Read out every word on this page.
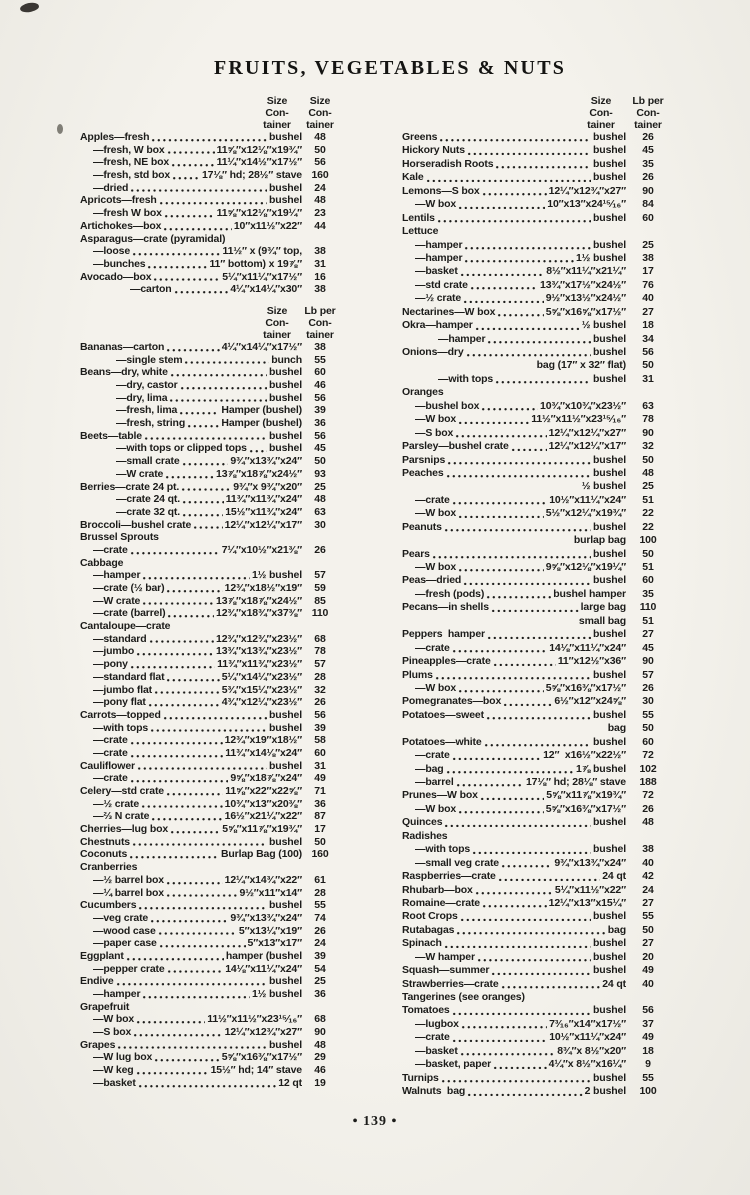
FRUITS, VEGETABLES & NUTS
Size
Con-
tainer
Size
Con-
tainer
Apples—fresh	bushel	48
—fresh, W box	11⅝″x12⅛″x19¾″	50
—fresh, NE box	11¼″x14½″x17½″	56
—fresh, std box	17⅛″ hd; 28½″ stave 160
—dried	bushel	24
Apricots—fresh	bushel	48
—fresh W box	11⅝″x12⅛″x19¼″	23
Artichokes—box	10″x11½″x22″	44
Asparagus—crate (pyramidal)
—loose	11½″ x (9¾″ top,	38
—bunches	11″ bottom) x 19⅞″	31
Avocado—box	5¼″x11¼″x17½″	16
—carton	4¼″x14¼″x30″	38
Size
Con-
tainer
Lb per
Con-
tainer
Bananas—carton	4¼″x14¼″x17½″	38
—single stem	bunch	55
Beans—dry, white	bushel	60
—dry, castor	bushel	46
—dry, lima	bushel	56
—fresh, lima	Hamper (bushel)	39
—fresh, string	Hamper (bushel)	36
Beets—table	bushel	56
—with tops or clipped tops bushel	45
—small crate	9¾″x13¾″x24″	50
—W crate	13⅞″x18⅞″x24½″	93
Berries—crate 24 pt.	9¾″x 9¾″x20″	25
—crate 24 qt.	11¾″x11¾″x24″	48
—crate 32 qt.	15½″x11¾″x24″	63
Broccoli—bushel crate	12¼″x12¼″x17″	30
Brussel Sprouts
—crate	7¼″x10½″x21⅜″	26
Cabbage
—hamper	1½ bushel	57
—crate (½ bar)	12¾″x18½″x19″	59
—W crate	13⅞″x18⅞″x24½″	85
—crate (barrel)	12¾″x18¾″x37⅜″ 110
Cantaloupe—crate
—standard	12¾″x12¾″x23½″	68
—jumbo	13¾″x13¾″x23½″	78
—pony	11¾″x11¾″x23½″	57
—standard flat	5¼″x14¼″x23½″	28
—jumbo flat	5¾″x15¼″x23½″	32
—pony flat	4¾″x12¼″x23½″	26
Carrots—topped	bushel	56
—with tops	bushel	39
—crate	12¾″x19″x18½″	58
—crate	11¾″x14⅛″x24″	60
Cauliflower	bushel	31
—crate	9⅝″x18⅞″x24″	49
Celery—std crate	11⅝″x22″x22⅝″	71
—½ crate	10¾″x13″x20⅜″	36
—⅔ N crate	16½″x21¼″x22″	87
Cherries—lug box	5⅝″x11⅞″x19¾″	17
Chestnuts	bushel	50
Coconuts	Burlap Bag (100) 160
Cranberries
—½ barrel box	12¼″x14¾″x22″	61
—¼ barrel box	9½″x11″x14″	28
Cucumbers	bushel	55
—veg crate	9¾″x13¾″x24″	74
—wood case	5″x13¼″x19″	26
—paper case	5″x13″x17″	24
Eggplant	hamper (bushel	39
—pepper crate	14⅛″x11¼″x24″	54
Endive	bushel	25
—hamper	1½ bushel	36
Grapefruit
—W box	11½″x11½″x23¹⁵⁄₁₆″	68
—S box	12¼″x12¾″x27″	90
Grapes	bushel	48
—W lug box	5⅝″x16⅜″x17½″	29
—W keg	15½″ hd; 14″ stave	46
—basket	12 qt	19
Size
Con-
tainer
Lb per
Con-
tainer
Greens	bushel	26
Hickory Nuts	bushel	45
Horseradish Roots	bushel	35
Kale	bushel	26
Lemons—S box	12¼″x12¾″x27″	90
—W box	10″x13″x24¹⁵⁄₁₆″	84
Lentils	bushel	60
Lettuce
—hamper	bushel	25
—hamper	1½ bushel	38
—basket	8½″x11¼″x21¼″	17
—std crate	13¾″x17½″x24½″	76
—½ crate	9½″x13½″x24½″	40
Nectarines—W box	5⅝″x16⅝″x17½″	27
Okra—hamper	½ bushel	18
—hamper	bushel	34
Onions—dry	bushel	56
bag (17″ x 32″ flat)	50
—with tops	bushel	31
Oranges
—bushel box	10¾″x10¾″x23½″	63
—W box	11½″x11½″x23¹⁵⁄₁₆″	78
—S box	12¼″x12¼″x27″	90
Parsley—bushel crate	12¼″x12¼″x17″	32
Parsnips	bushel	50
Peaches	bushel	48
½ bushel	25
—crate	10½″x11¼″x24″	51
—W box	5½″x12¼″x19¾″	22
Peanuts	bushel	22
burlap bag	100
Pears	bushel	50
—W box	9⅝″x12⅛″x19¼″	51
Peas—dried	bushel	60
—fresh (pods)	bushel hamper	35
Pecans—in shells	large bag	110
small bag	51
Peppers  hamper	bushel	27
—crate	14⅛″x11¼″x24″	45
Pineapples—crate	11″x12½″x36″	90
Plums	bushel	57
—W box	5⅝″x16⅜″x17½″	26
Pomegranates—box	6½″x12″x24⅝″	30
Potatoes—sweet	bushel	55
bag	50
Potatoes—white	bushel	60
—crate	12″  x16½″x22½″	72
—bag	1⅞ bushel	102
—barrel	17⅛″ hd; 28⅛″ stave	188
Prunes—W box	5⅝″x11⅞″x19¾″	72
—W box	5⅝″x16⅜″x17½″	26
Quinces	bushel	48
Radishes
—with tops	bushel	38
—small veg crate	9¾″x13¾″x24″	40
Raspberries—crate	24 qt	42
Rhubarb—box	5¼″x11½″x22″	24
Romaine—crate	12¼″x13″x15¼″	27
Root Crops	bushel	55
Rutabagas	bag	50
Spinach	bushel	27
—W hamper	bushel	20
Squash—summer	bushel	49
Strawberries—crate	24 qt	40
Tangerines (see oranges)
Tomatoes	bushel	56
—lugbox	7³⁄₁₆″x14″x17½″	37
—crate	10½″x11¼″x24″	49
—basket	8¾″x 8½″x20″	18
—basket, paper	4¼″x 8½″x16¼″	9
Turnips	bushel	55
Walnuts  bag	2 bushel	100
• 139 •
